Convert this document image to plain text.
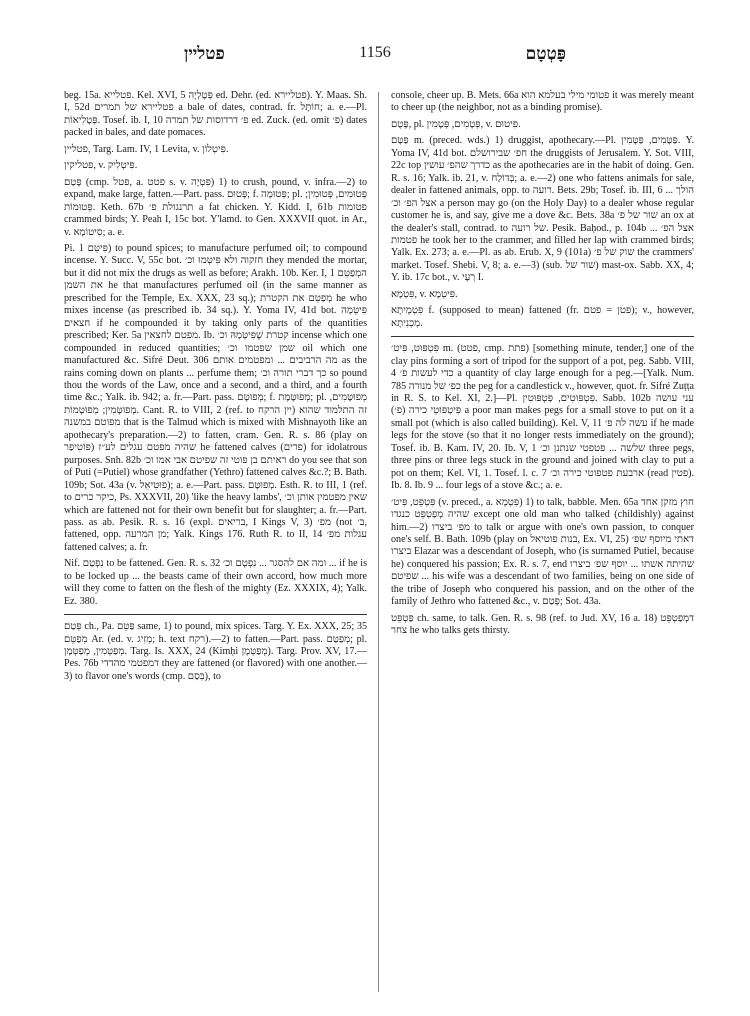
פטליין	1156	פָּטְטָם

beg. 15a. פטלייא. Kel. XVI, 5 פְּטָלְיָה ed. Dehr. (ed. פטליירא). Y. Maas. Sh. I, 52d פטליירא של תמרים a bale of dates, contrad. fr. חוֹתָל; a. e.—Pl. פְּטָלִיאוֹת. Tosef. ib. I, 10 פ׳ דרדוסות של תמרה ed. Zuck. (ed. omit פ׳) dates packed in bales, and date pomaces.

פטליין, Targ. Lam. IV, 1 Levita, v. פִּיטְלוֹן.

פטליקין, v. פִּיטְלִיק.

פָּטַם (cmp. פטל, a. פטט s. v. פִּטְיָה) 1) to crush, pound, v. infra.—2) to expand, make large, fatten.—Part. pass. פָּטוּם; f. פְּטוּמָה; pl. פְּטוּמִים, פְּטוּמִין; פְּטוּמוֹת. Keth. 67b תרנגולת פ׳ a fat chicken. Y. Kidd. I, 61b פטומות crammed birds; Y. Peah I, 15c bot. Y'lamd. to Gen. XXXVII quot. in Ar., v. סִיטוֹמָא; a. e.

Pi. פִּיטֵּם 1) to pound spices; to manufacture perfumed oil; to compound incense. Y. Succ. V, 55c bot. חזקוה ולא פִּיטְּמוּ וכ׳ they mended the mortar, but it did not mix the drugs as well as before; Arakh. 10b. Ker. I, 1 המְפַטֵּם את השמן he that manufactures perfumed oil (in the same manner as prescribed for the Temple, Ex. XXX, 23 sq.); מְפַטֵּם את הקטרת he who mixes incense (as prescribed ib. 34 sq.). Y. Yoma IV, 41d bot. פִּיטְּמָה חצאים if he compounded it by taking only parts of the quantities prescribed; Ker. 5a מפטם לחצאין. Ib. קטרת שֶׁפִּיטְּמָהּ וכ׳ incense which one compounded in reduced quantities; שמן שפטמו וכ׳ oil which one manufactured &c. Sifré Deut. 306 מה הרביבים ... ומפטמים אותם as the rains coming down on plants ... perfume them; כך דברי תורה וכ׳ so pound thou the words of the Law, once and a second, and a third, and a fourth time &c.; Yalk. ib. 942; a. fr.—Part. pass. מְפוּטָּם; f. מְפוּטֶּמֶת; pl. מְפוּטָּמִים, מְפוּטָּמִין; מְפוּטָּמוֹת. Cant. R. to VIII, 2 (ref. to יין הרקח) זה התלמוד שהוא מפוטם במשנה that is the Talmud which is mixed with Mishnayoth like an apothecary's preparation.—2) to fatten, cram. Gen. R. s. 86 (play on פּוֹטִיפַר) שהיה מפטם עגלים לע״ז he fattened calves (פרים) for idolatrous purposes. Snh. 82b ראיתם בן פוטי זה שפיטם אבי אמו וכ׳ do you see that son of Puti (=Putiel) whose grandfather (Yethro) fattened calves &c.?; B. Bath. 109b; Sot. 43a (v. פוּטִיאֵל); a. e.—Part. pass. מְפוּטָּם. Esth. R. to III, 1 (ref. to כיקר כרים, Ps. XXXVII, 20) 'like the heavy lambs', שאין מפטמין אותן וכ׳ which are fattened not for their own benefit but for slaughter; a. fr.—Part. pass. as ab. Pesik. R. s. 16 (expl. בריאים, I Kings V, 3) מפ׳ (not ב׳, fattened, opp. מן המרעה; Yalk. Kings 176. Ruth R. to II, 14 עגלות מפ׳ fattened calves; a. fr.

Nif. נִפְטַם to be fattened. Gen. R. s. 32 ומה אם להסגר ... נִפְטָם וכ׳ ... if he is to be locked up ... the beasts came of their own accord, how much more will they come to fatten on the flesh of the mighty (Ez. XXXIX, 4); Yalk. Ez. 380.

פְּטַם ch., Pa. פַּטֵּם same, 1) to pound, mix spices. Targ. Y. Ex. XXX, 25; 35 מְפַטֵּם Ar. (ed. v. מְזִיג; h. text רקח).—2) to fatten.—Part. pass. מְפַטַּם; pl. מְפַטְּמִין, מְפַטְּמָן. Targ. Is. XXX, 24 (Kimḥi מְפַטְּמָן). Targ. Prov. XV, 17.—Pes. 76b דמפטמי מהדדי they are fattened (or flavored) with one another.—3) to flavor one's words (cmp. בְּסַם), to

console, cheer up. B. Mets. 66a פטומי מילי בעלמא הוא it was merely meant to cheer up (the neighbor, not as a binding promise).

פֶּטֶם, pl. פְּטָמִים, פְּטָמִין, v. פִּיטוּם.

פַּטָּם m. (preced. wds.) 1) druggist, apothecary.—Pl. פַּטָּמִים, פַּטָּמִין. Y. Yoma IV, 41d bot. חפ׳ שבירושלם the druggists of Jerusalem. Y. Sot. VIII, 22c top כדרך שהפ׳ עושין as the apothecaries are in the habit of doing. Gen. R. s. 16; Yalk. ib. 21, v. בְּדוֹלַח; a. e.—2) one who fattens animals for sale, dealer in fattened animals, opp. to רועה. Bets. 29b; Tosef. ib. III, 6 הולך ... אצל הפ׳ וכ׳ a person may go (on the Holy Day) to a dealer whose regular customer he is, and say, give me a dove &c. Bets. 38a שור של פ׳ an ox at the dealer's stall, contrad. to של רועה. Pesik. Baḥod., p. 104b אצל הפ׳ ... פטמות he took her to the crammer, and filled her lap with crammed birds; Yalk. Ex. 273; a. e.—Pl. as ab. Erub. X, 9 (101a) שוק של פ׳ the crammers' market. Tosef. Shebi. V, 8; a. e.—3) (sub. שור של) mast-ox. Sabb. XX, 4; Y. ib. 17c bot., v. רְעָי I.

פִּטְמָא, v. פִּיטְמָא.

פִּטְמָיתָא f. (supposed to mean) fattened (fr. פטן = פטם); v., however, מְכְנִיתָא.

פִּטְפּוּט, פִּיט׳ m. (פטט, cmp. פתת) [something minute, tender,] one of the clay pins forming a sort of tripod for the support of a pot, peg. Sabb. VIII, 4 כדי לעשות פ׳ a quantity of clay large enough for a peg.—[Yalk. Num. 785 כפ׳ של מנורה the peg for a candlestick v., however, quot. fr. Sifré Zuṭṭa in R. S. to Kel. XI, 2.]—Pl. פִּטְפּוּטִים, פְּטְפּוּטִין. Sabb. 102b עני עושה פִּיטְפּוּטֵי כירה (פ׳) a poor man makes pegs for a small stove to put on it a small pot (which is also called building). Kel. V, 11 עשה לה פ׳ if he made legs for the stove (so that it no longer rests immediately on the ground); Tosef. ib. B. Kam. IV, 20. Ib. V, 1 שלשה ... פטפטי שנתנן וכ׳ three pegs, three pins or three legs stuck in the ground and joined with clay to put a pot on them; Kel. VI, 1. Tosef. l. c. 7 ארבעת פטפוטי כירה וכ׳ (read פטין). Ib. 8. Ib. 9 ... four legs of a stove &c.; a. e.

פִּטְפֵּט, פִּיט׳ (v. preced., a. פִּטְמָא) 1) to talk, babble. Men. 65a חוץ מזקן אחד שהיה מְפַטְפֵּט כנגדו except one old man who talked (childishly) against him.—2) מפ׳ ביצרו to talk or argue with one's own passion, to conquer one's self. B. Bath. 109b (play on בנות פוטיאל, Ex. VI, 25) דאתי מיוסף שפ׳ ביצרו Elazar was a descendant of Joseph, who (is surnamed Putiel, because he) conquered his passion; Ex. R. s. 7, end שהיתה אשתו ... יוסף שפ׳ ביצרו ... שפיטם his wife was a descendant of two families, being on one side of the tribe of Joseph who conquered his passion, and on the other of the family of Jethro who fattened &c., v. פָּטַם; Sot. 43a.

פַּטְפֵּט ch. same, to talk. Gen. R. s. 98 (ref. to Jud. XV, 16 a. 18) דמְפַטְפֵּט צחר he who talks gets thirsty.
